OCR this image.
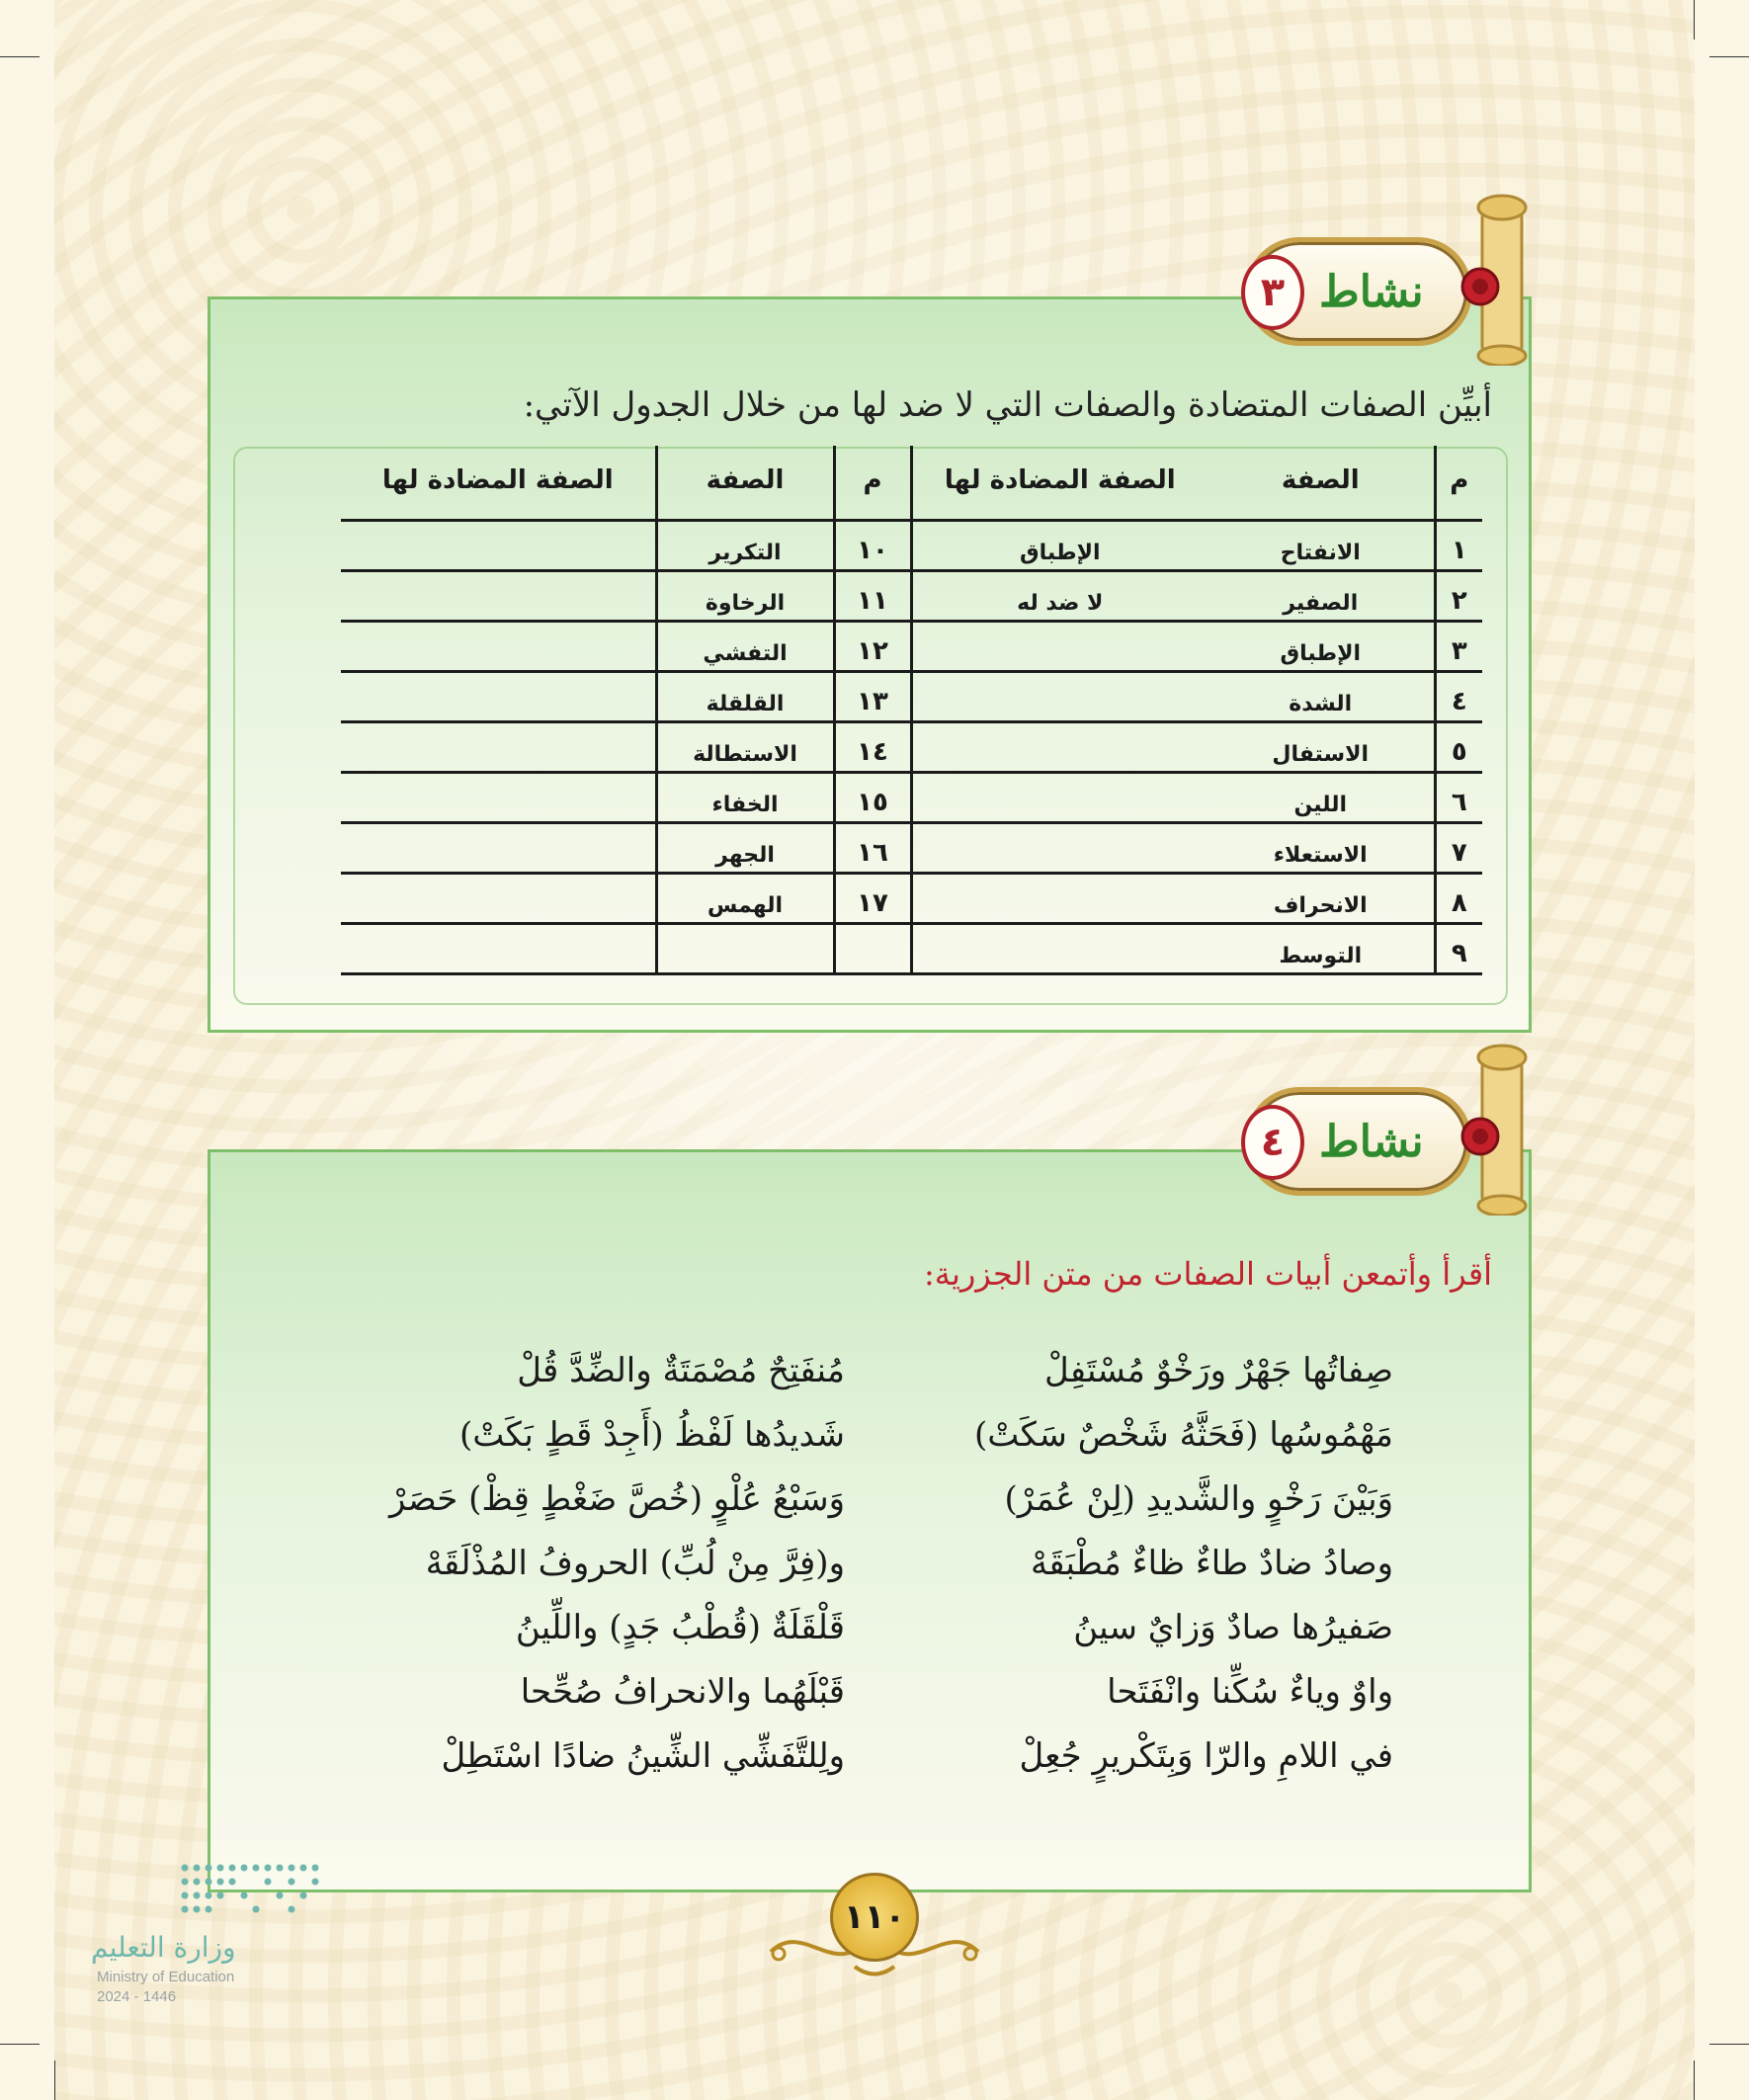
نشاط
٣
أبيِّن الصفات المتضادة والصفات التي لا ضد لها من خلال الجدول الآتي:
م	الصفة	الصفة المضادة لها	م	الصفة	الصفة المضادة لها
١	الانفتاح	الإطباق	١٠	التكرير	
٢	الصفير	لا ضد له	١١	الرخاوة	
٣	الإطباق		١٢	التفشي	
٤	الشدة		١٣	القلقلة	
٥	الاستفال		١٤	الاستطالة	
٦	اللين		١٥	الخفاء	
٧	الاستعلاء		١٦	الجهر	
٨	الانحراف		١٧	الهمس	
٩	التوسط				
نشاط
٤
أقرأ وأتمعن أبيات الصفات من متن الجزرية:
صِفاتُها جَهْرٌ ورَخْوٌ مُسْتَفِلْ
مَهْمُوسُها (فَحَثَّهُ شَخْصٌ سَكَتْ)
وَبَيْنَ رَخْوٍ والشَّديدِ (لِنْ عُمَرْ)
وصادُ ضادٌ طاءٌ ظاءٌ مُطْبَقَهْ
صَفيرُها صادٌ وَزايٌ سينُ
واوٌ وياءٌ سُكِّنا وانْفَتَحا
في اللامِ والرّا وَبِتَكْريرٍ جُعِلْ
مُنفَتِحٌ مُصْمَتَةٌ والضِّدَّ قُلْ
شَديدُها لَفْظُ (أَجِدْ قَطٍ بَكَتْ)
وَسَبْعُ عُلْوٍ (خُصَّ ضَغْطٍ قِظْ) حَصَرْ
و(فِرَّ مِنْ لُبِّ) الحروفُ المُذْلَقَهْ
قَلْقَلَةٌ (قُطْبُ جَدٍ) واللِّينُ
قَبْلَهُما والانحرافُ صُحِّحا
ولِلتَّفَشِّي الشِّينُ ضادًا اسْتَطِلْ
١١٠
وزارة التعليم
Ministry of Education
2024 - 1446
